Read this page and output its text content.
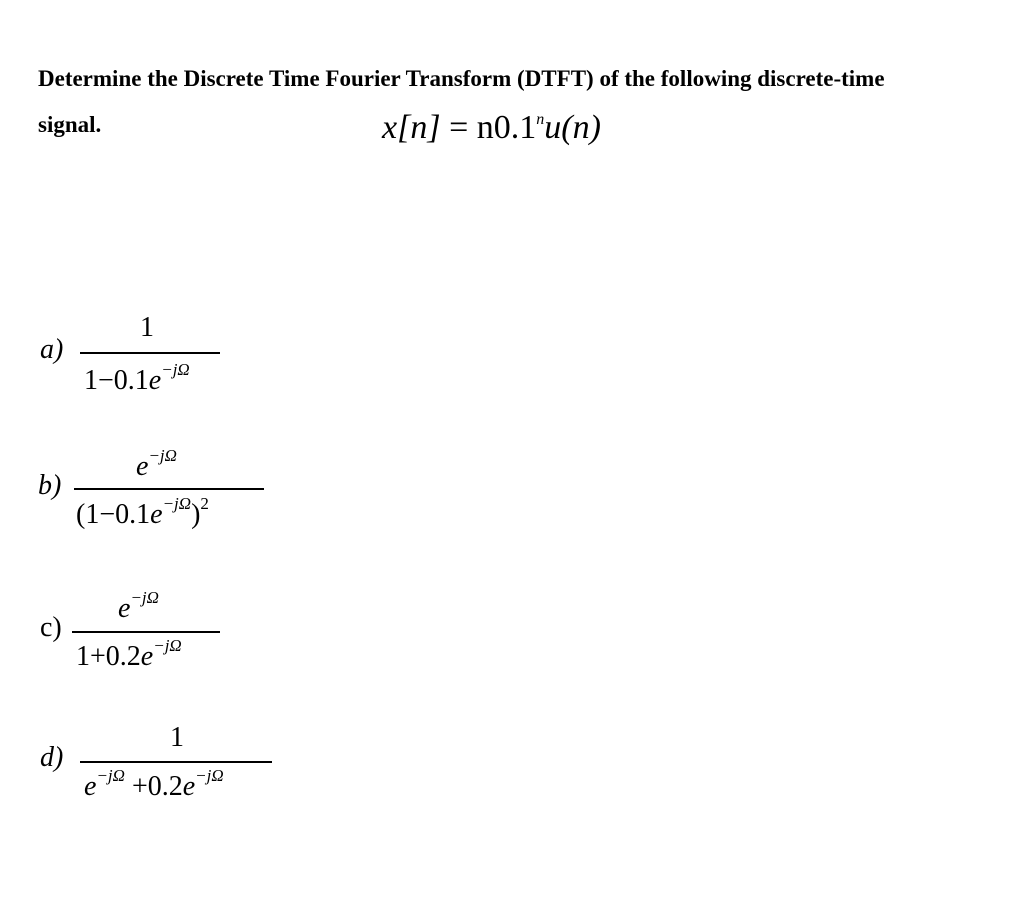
Determine the Discrete Time Fourier Transform (DTFT) of the following discrete-time
signal.	$x[n] = n0.1^nu(n)$
a)
1
$1-0.1e^{-j\Omega}$
b)
$e^{-j\Omega}$
$(1-0.1e^{-j\Omega})^2$
c)
$e^{-j\Omega}$
$1+0.2e^{-j\Omega}$
d)
1
$e^{-j\Omega} +0.2e^{-j\Omega}$
